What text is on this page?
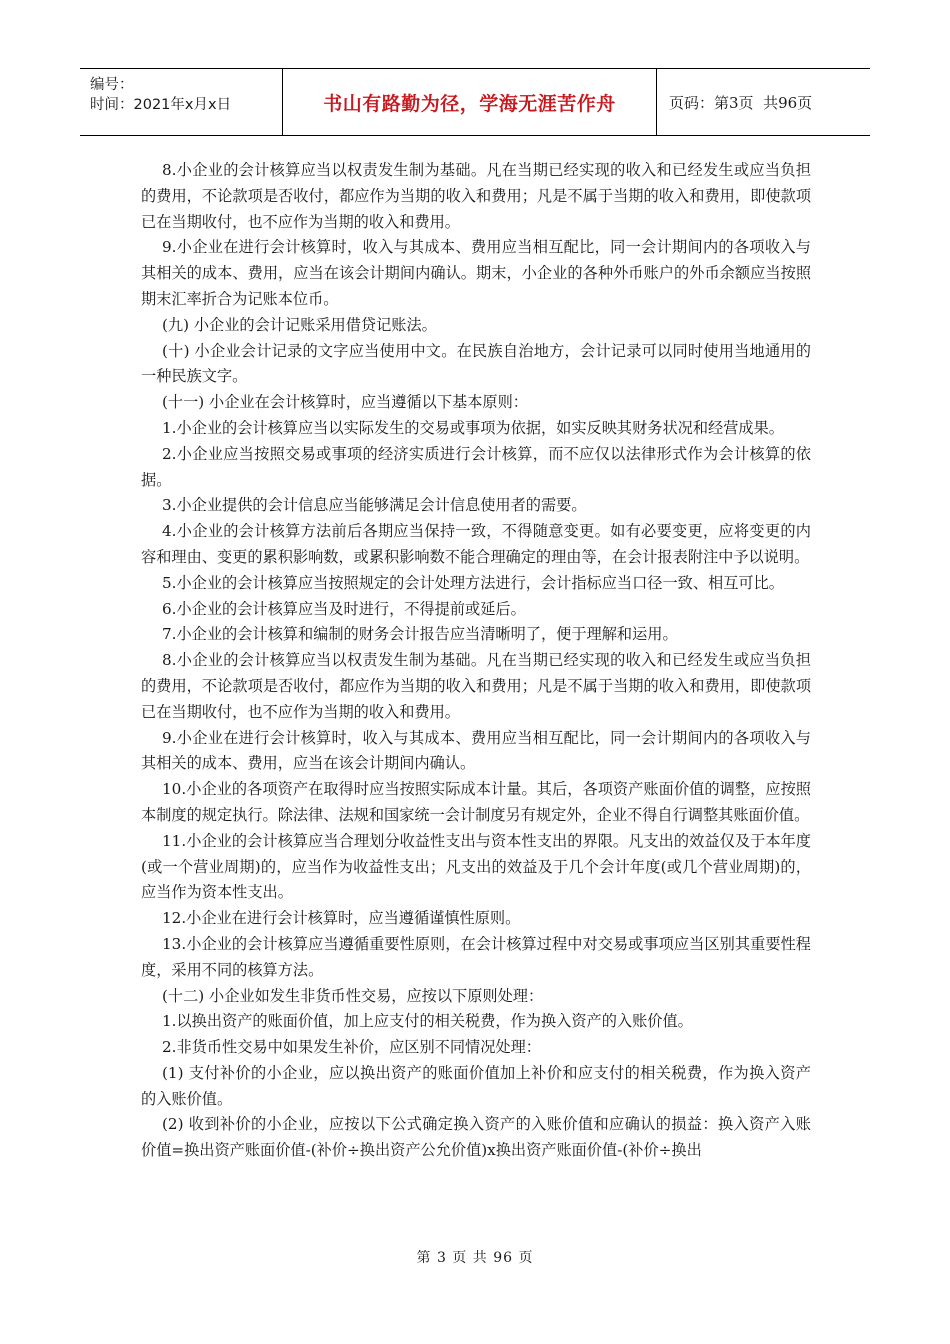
编号：
时间：2021年x月x日	书山有路勤为径，学海无涯苦作舟	页码：第3页  共96页

8.小企业的会计核算应当以权责发生制为基础。凡在当期已经实现的收入和已经发生或应当负担的费用，不论款项是否收付，都应作为当期的收入和费用；凡是不属于当期的收入和费用，即使款项已在当期收付，也不应作为当期的收入和费用。

9.小企业在进行会计核算时，收入与其成本、费用应当相互配比，同一会计期间内的各项收入与其相关的成本、费用，应当在该会计期间内确认。期末，小企业的各种外币账户的外币余额应当按照期末汇率折合为记账本位币。

(九) 小企业的会计记账采用借贷记账法。

(十) 小企业会计记录的文字应当使用中文。在民族自治地方，会计记录可以同时使用当地通用的一种民族文字。

(十一) 小企业在会计核算时，应当遵循以下基本原则：

1.小企业的会计核算应当以实际发生的交易或事项为依据，如实反映其财务状况和经营成果。

2.小企业应当按照交易或事项的经济实质进行会计核算，而不应仅以法律形式作为会计核算的依据。

3.小企业提供的会计信息应当能够满足会计信息使用者的需要。

4.小企业的会计核算方法前后各期应当保持一致，不得随意变更。如有必要变更，应将变更的内容和理由、变更的累积影响数，或累积影响数不能合理确定的理由等，在会计报表附注中予以说明。

5.小企业的会计核算应当按照规定的会计处理方法进行，会计指标应当口径一致、相互可比。

6.小企业的会计核算应当及时进行，不得提前或延后。

7.小企业的会计核算和编制的财务会计报告应当清晰明了，便于理解和运用。

8.小企业的会计核算应当以权责发生制为基础。凡在当期已经实现的收入和已经发生或应当负担的费用，不论款项是否收付，都应作为当期的收入和费用；凡是不属于当期的收入和费用，即使款项已在当期收付，也不应作为当期的收入和费用。

9.小企业在进行会计核算时，收入与其成本、费用应当相互配比，同一会计期间内的各项收入与其相关的成本、费用，应当在该会计期间内确认。

10.小企业的各项资产在取得时应当按照实际成本计量。其后，各项资产账面价值的调整，应按照本制度的规定执行。除法律、法规和国家统一会计制度另有规定外，企业不得自行调整其账面价值。

11.小企业的会计核算应当合理划分收益性支出与资本性支出的界限。凡支出的效益仅及于本年度(或一个营业周期)的，应当作为收益性支出；凡支出的效益及于几个会计年度(或几个营业周期)的，应当作为资本性支出。

12.小企业在进行会计核算时，应当遵循谨慎性原则。

13.小企业的会计核算应当遵循重要性原则，在会计核算过程中对交易或事项应当区别其重要性程度，采用不同的核算方法。

(十二) 小企业如发生非货币性交易，应按以下原则处理：

1.以换出资产的账面价值，加上应支付的相关税费，作为换入资产的入账价值。

2.非货币性交易中如果发生补价，应区别不同情况处理：

(1) 支付补价的小企业，应以换出资产的账面价值加上补价和应支付的相关税费，作为换入资产的入账价值。

(2) 收到补价的小企业，应按以下公式确定换入资产的入账价值和应确认的损益：换入资产入账价值=换出资产账面价值-(补价÷换出资产公允价值)x换出资产账面价值-(补价÷换出

第 3 页 共 96 页
